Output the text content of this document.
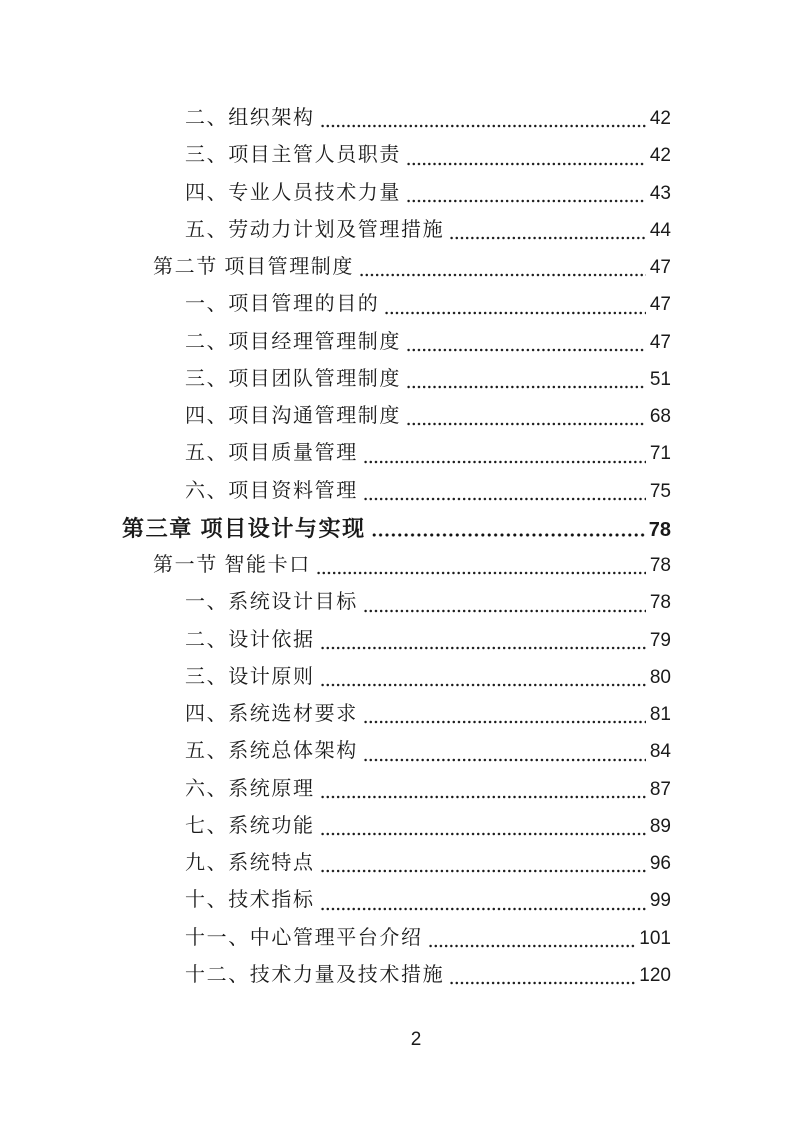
二、组织架构	42
三、项目主管人员职责	42
四、专业人员技术力量	43
五、劳动力计划及管理措施	44
第二节 项目管理制度	47
一、项目管理的目的	47
二、项目经理管理制度	47
三、项目团队管理制度	51
四、项目沟通管理制度	68
五、项目质量管理	71
六、项目资料管理	75
第三章 项目设计与实现	78
第一节 智能卡口	78
一、系统设计目标	78
二、设计依据	79
三、设计原则	80
四、系统选材要求	81
五、系统总体架构	84
六、系统原理	87
七、系统功能	89
九、系统特点	96
十、技术指标	99
十一、中心管理平台介绍	101
十二、技术力量及技术措施	120
2
